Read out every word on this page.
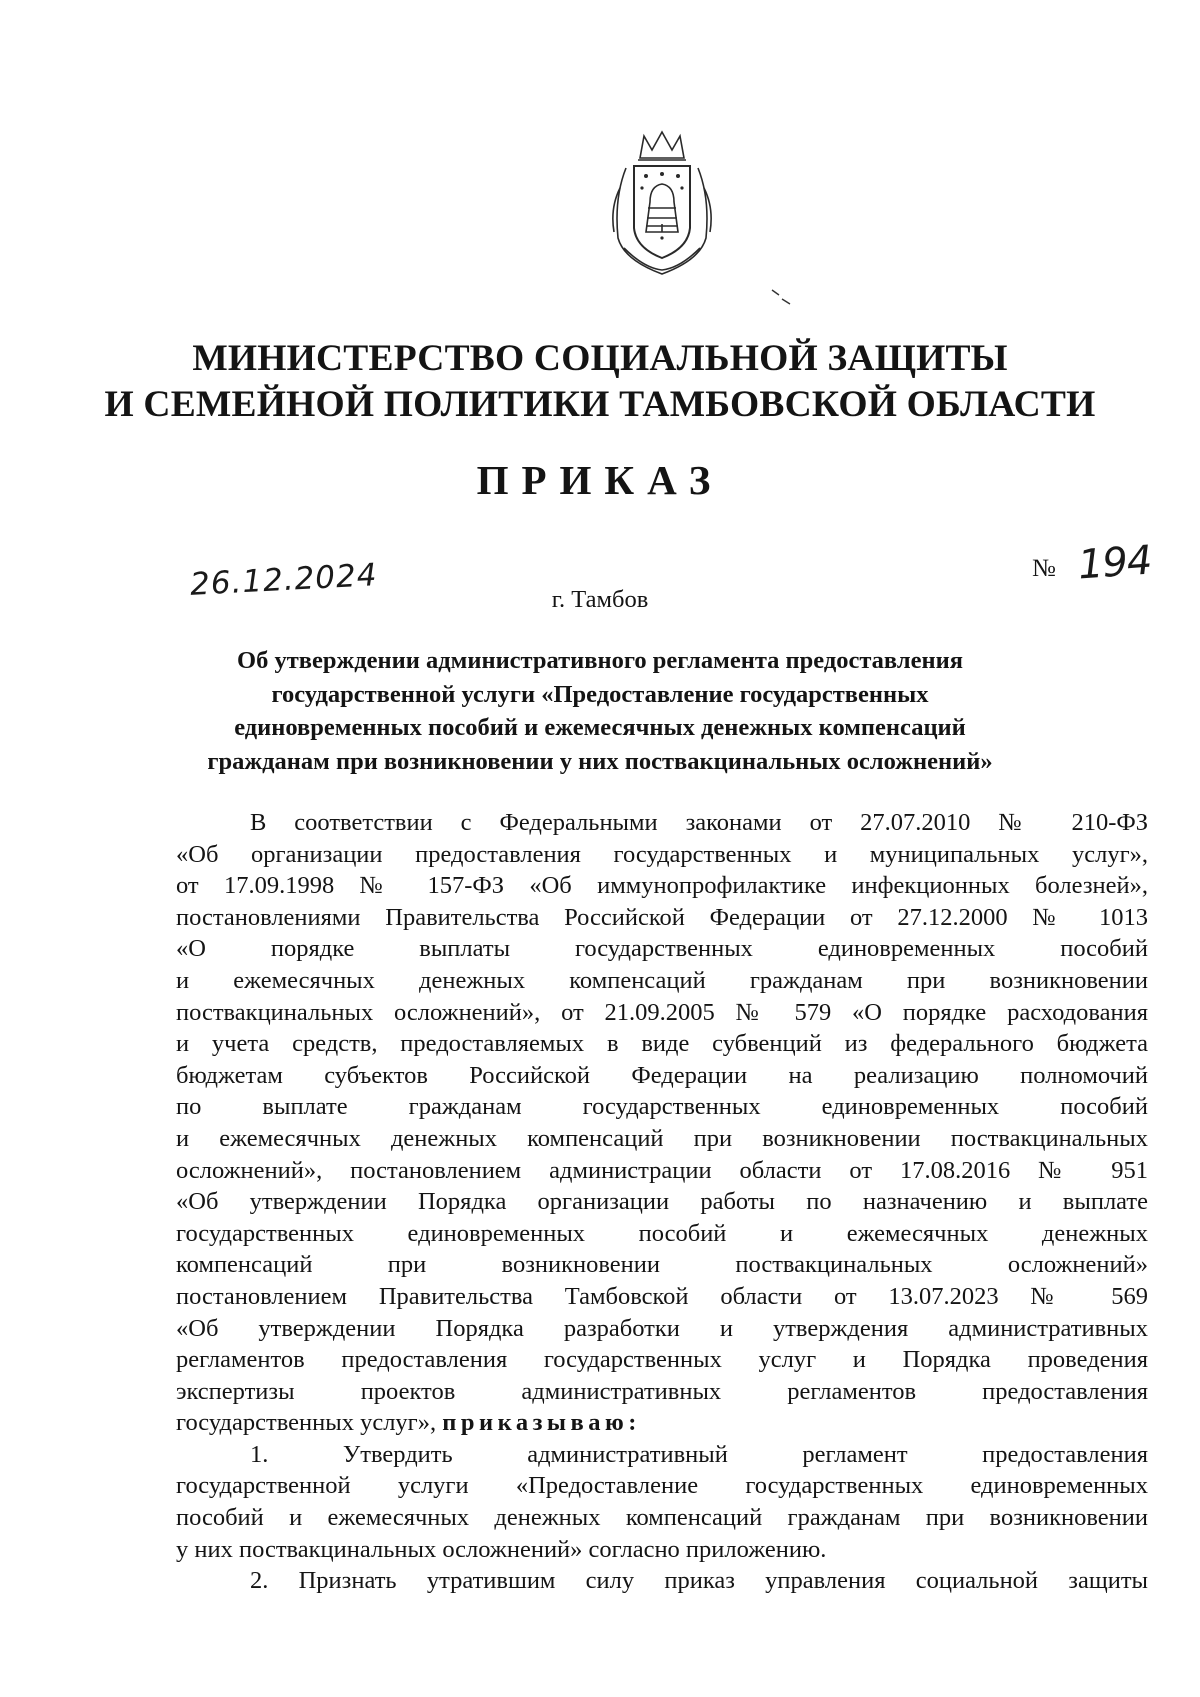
МИНИСТЕРСТВО СОЦИАЛЬНОЙ ЗАЩИТЫ
И СЕМЕЙНОЙ ПОЛИТИКИ ТАМБОВСКОЙ ОБЛАСТИ
ПРИКАЗ
26.12.2024	№ 194
г. Тамбов
Об утверждении административного регламента предоставления
государственной услуги «Предоставление государственных
единовременных пособий и ежемесячных денежных компенсаций
гражданам при возникновении у них поствакцинальных осложнений»
В соответствии с Федеральными законами от 27.07.2010 № 210-ФЗ
«Об организации предоставления государственных и муниципальных услуг»,
от 17.09.1998 № 157-ФЗ «Об иммунопрофилактике инфекционных болезней»,
постановлениями Правительства Российской Федерации от 27.12.2000 № 1013
«О порядке выплаты государственных единовременных пособий
и ежемесячных денежных компенсаций гражданам при возникновении
поствакцинальных осложнений», от 21.09.2005 № 579 «О порядке расходования
и учета средств, предоставляемых в виде субвенций из федерального бюджета
бюджетам субъектов Российской Федерации на реализацию полномочий
по выплате гражданам государственных единовременных пособий
и ежемесячных денежных компенсаций при возникновении поствакцинальных
осложнений», постановлением администрации области от 17.08.2016 № 951
«Об утверждении Порядка организации работы по назначению и выплате
государственных единовременных пособий и ежемесячных денежных
компенсаций при возникновении поствакцинальных осложнений»
постановлением Правительства Тамбовской области от 13.07.2023 № 569
«Об утверждении Порядка разработки и утверждения административных
регламентов предоставления государственных услуг и Порядка проведения
экспертизы проектов административных регламентов предоставления
государственных услуг», приказываю:
1. Утвердить административный регламент предоставления
государственной услуги «Предоставление государственных единовременных
пособий и ежемесячных денежных компенсаций гражданам при возникновении
у них поствакцинальных осложнений» согласно приложению.
2. Признать утратившим силу приказ управления социальной защиты
